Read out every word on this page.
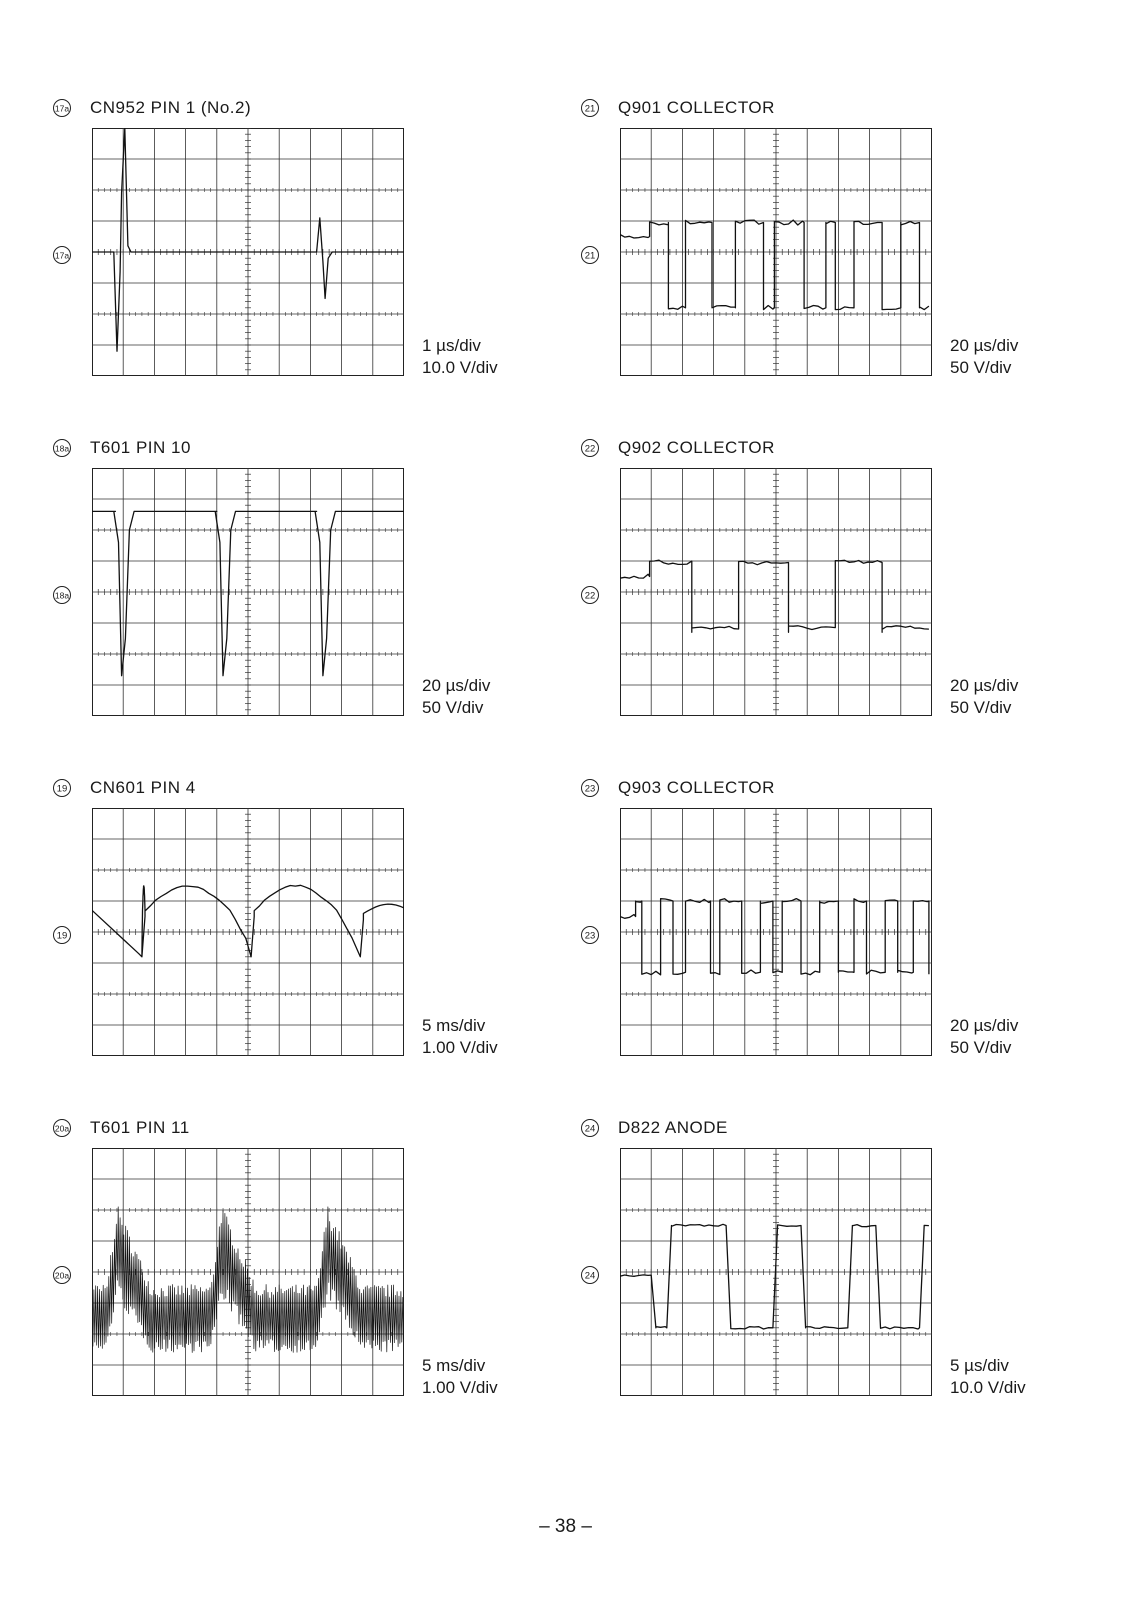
17a CN952 PIN 1 (No.2)
17a
1 µs/div
10.0 V/div
18a T601 PIN 10
18a
20 µs/div
50 V/div
19 CN601 PIN 4
19
5 ms/div
1.00 V/div
20a T601 PIN 11
20a
5 ms/div
1.00 V/div
21 Q901 COLLECTOR
21
20 µs/div
50 V/div
22 Q902 COLLECTOR
22
20 µs/div
50 V/div
23 Q903 COLLECTOR
23
20 µs/div
50 V/div
24 D822 ANODE
24
5 µs/div
10.0 V/div
– 38 –
